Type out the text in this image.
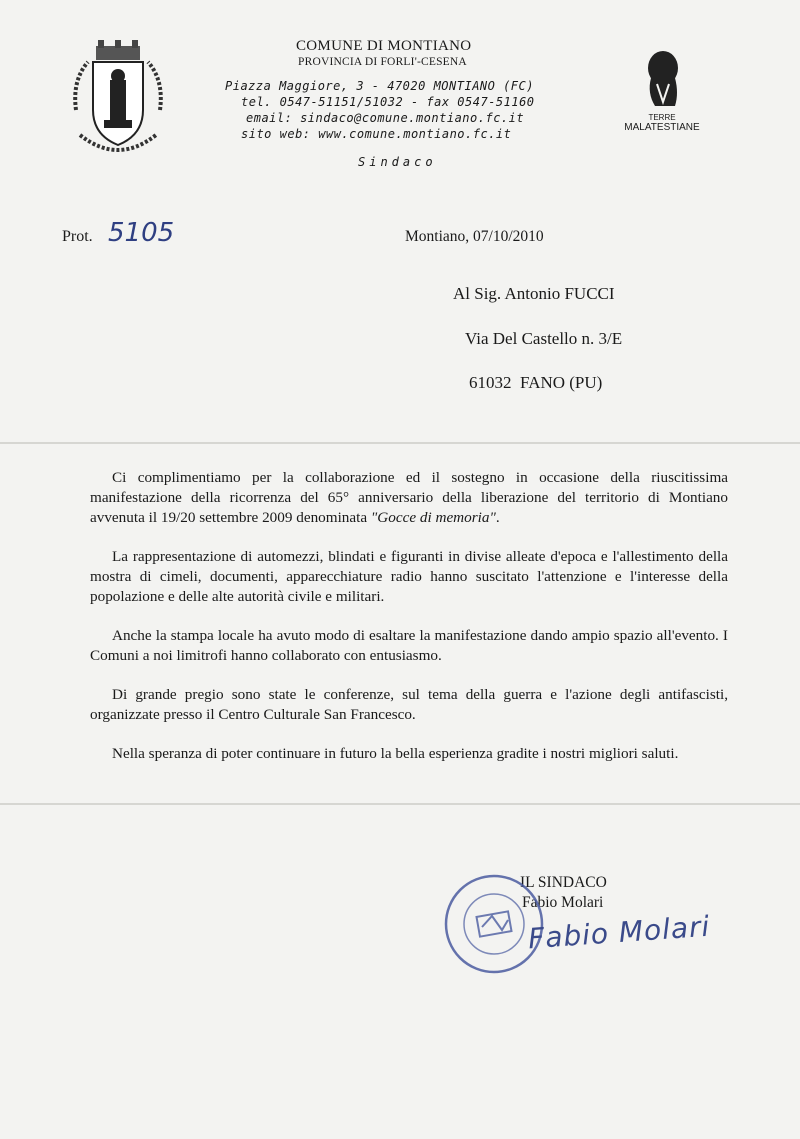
COMUNE DI MONTIANO
PROVINCIA DI FORLI'-CESENA
Piazza Maggiore, 3 - 47020 MONTIANO (FC)
tel. 0547-51151/51032 - fax 0547-51160
email: sindaco@comune.montiano.fc.it
sito web: www.comune.montiano.fc.it
Sindaco
TERRE
MALATESTIANE
Prot. 5105	Montiano, 07/10/2010
Al Sig. Antonio FUCCI
Via Del Castello n. 3/E
61032  FANO (PU)

Ci complimentiamo per la collaborazione ed il sostegno in occasione della riuscitissima manifestazione della ricorrenza del 65° anniversario della liberazione del territorio di Montiano avvenuta il 19/20 settembre 2009 denominata "Gocce di memoria".

La rappresentazione di automezzi, blindati e figuranti in divise alleate d'epoca e l'allestimento della mostra di cimeli, documenti, apparecchiature radio hanno suscitato l'attenzione e l'interesse della popolazione e delle alte autorità civile e militari.

Anche la stampa locale ha avuto modo di esaltare la manifestazione dando ampio spazio all'evento. I Comuni a noi limitrofi hanno collaborato con entusiasmo.

Di grande pregio sono state le conferenze, sul tema della guerra e l'azione degli antifascisti, organizzate presso il Centro Culturale San Francesco.

Nella speranza di poter continuare in futuro la bella esperienza gradite i nostri migliori saluti.

IL SINDACO
Fabio Molari
Fabio Molari
